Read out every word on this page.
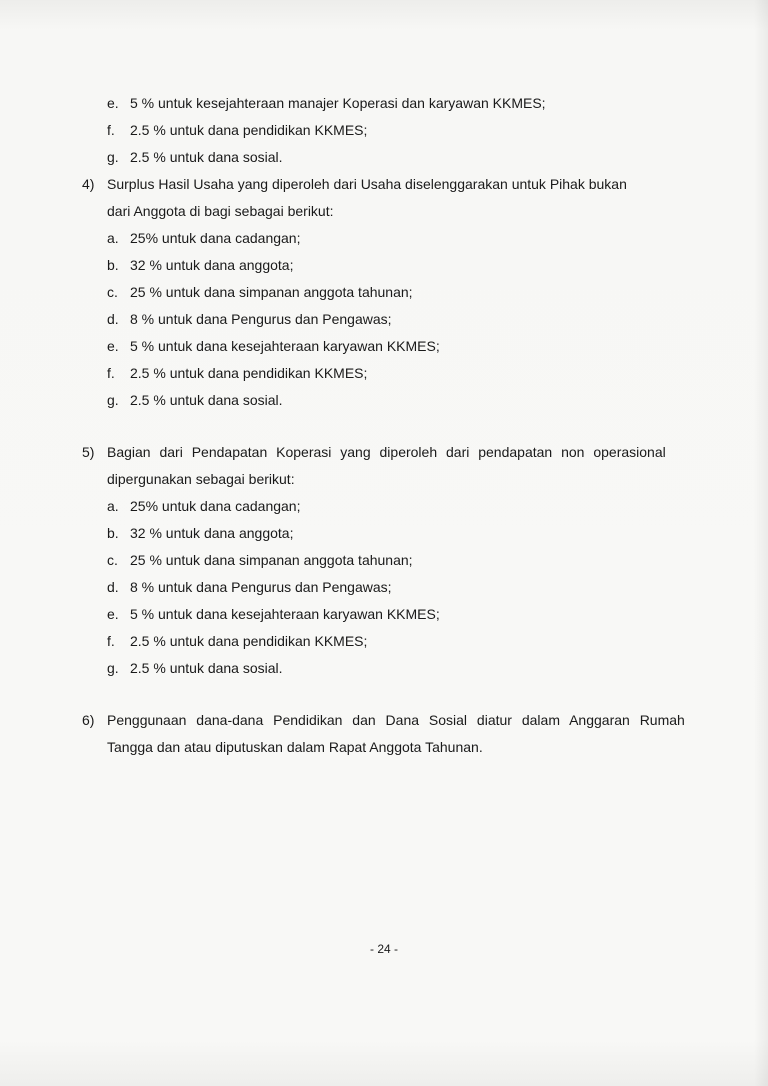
e. 5 % untuk kesejahteraan manajer Koperasi dan karyawan KKMES;
f. 2.5 % untuk dana pendidikan KKMES;
g. 2.5 % untuk dana sosial.
4) Surplus Hasil Usaha yang diperoleh dari Usaha diselenggarakan untuk Pihak bukan
dari Anggota di bagi sebagai berikut:
a. 25% untuk dana cadangan;
b. 32 % untuk dana anggota;
c. 25 % untuk dana simpanan anggota tahunan;
d. 8 % untuk dana Pengurus dan Pengawas;
e. 5 % untuk dana kesejahteraan karyawan KKMES;
f. 2.5 % untuk dana pendidikan KKMES;
g. 2.5 % untuk dana sosial.
5) Bagian dari Pendapatan Koperasi yang diperoleh dari pendapatan non operasional
dipergunakan sebagai berikut:
a. 25% untuk dana cadangan;
b. 32 % untuk dana anggota;
c. 25 % untuk dana simpanan anggota tahunan;
d. 8 % untuk dana Pengurus dan Pengawas;
e. 5 % untuk dana kesejahteraan karyawan KKMES;
f. 2.5 % untuk dana pendidikan KKMES;
g. 2.5 % untuk dana sosial.
6) Penggunaan dana-dana Pendidikan dan Dana Sosial diatur dalam Anggaran Rumah
Tangga dan atau diputuskan dalam Rapat Anggota Tahunan.
- 24 -
